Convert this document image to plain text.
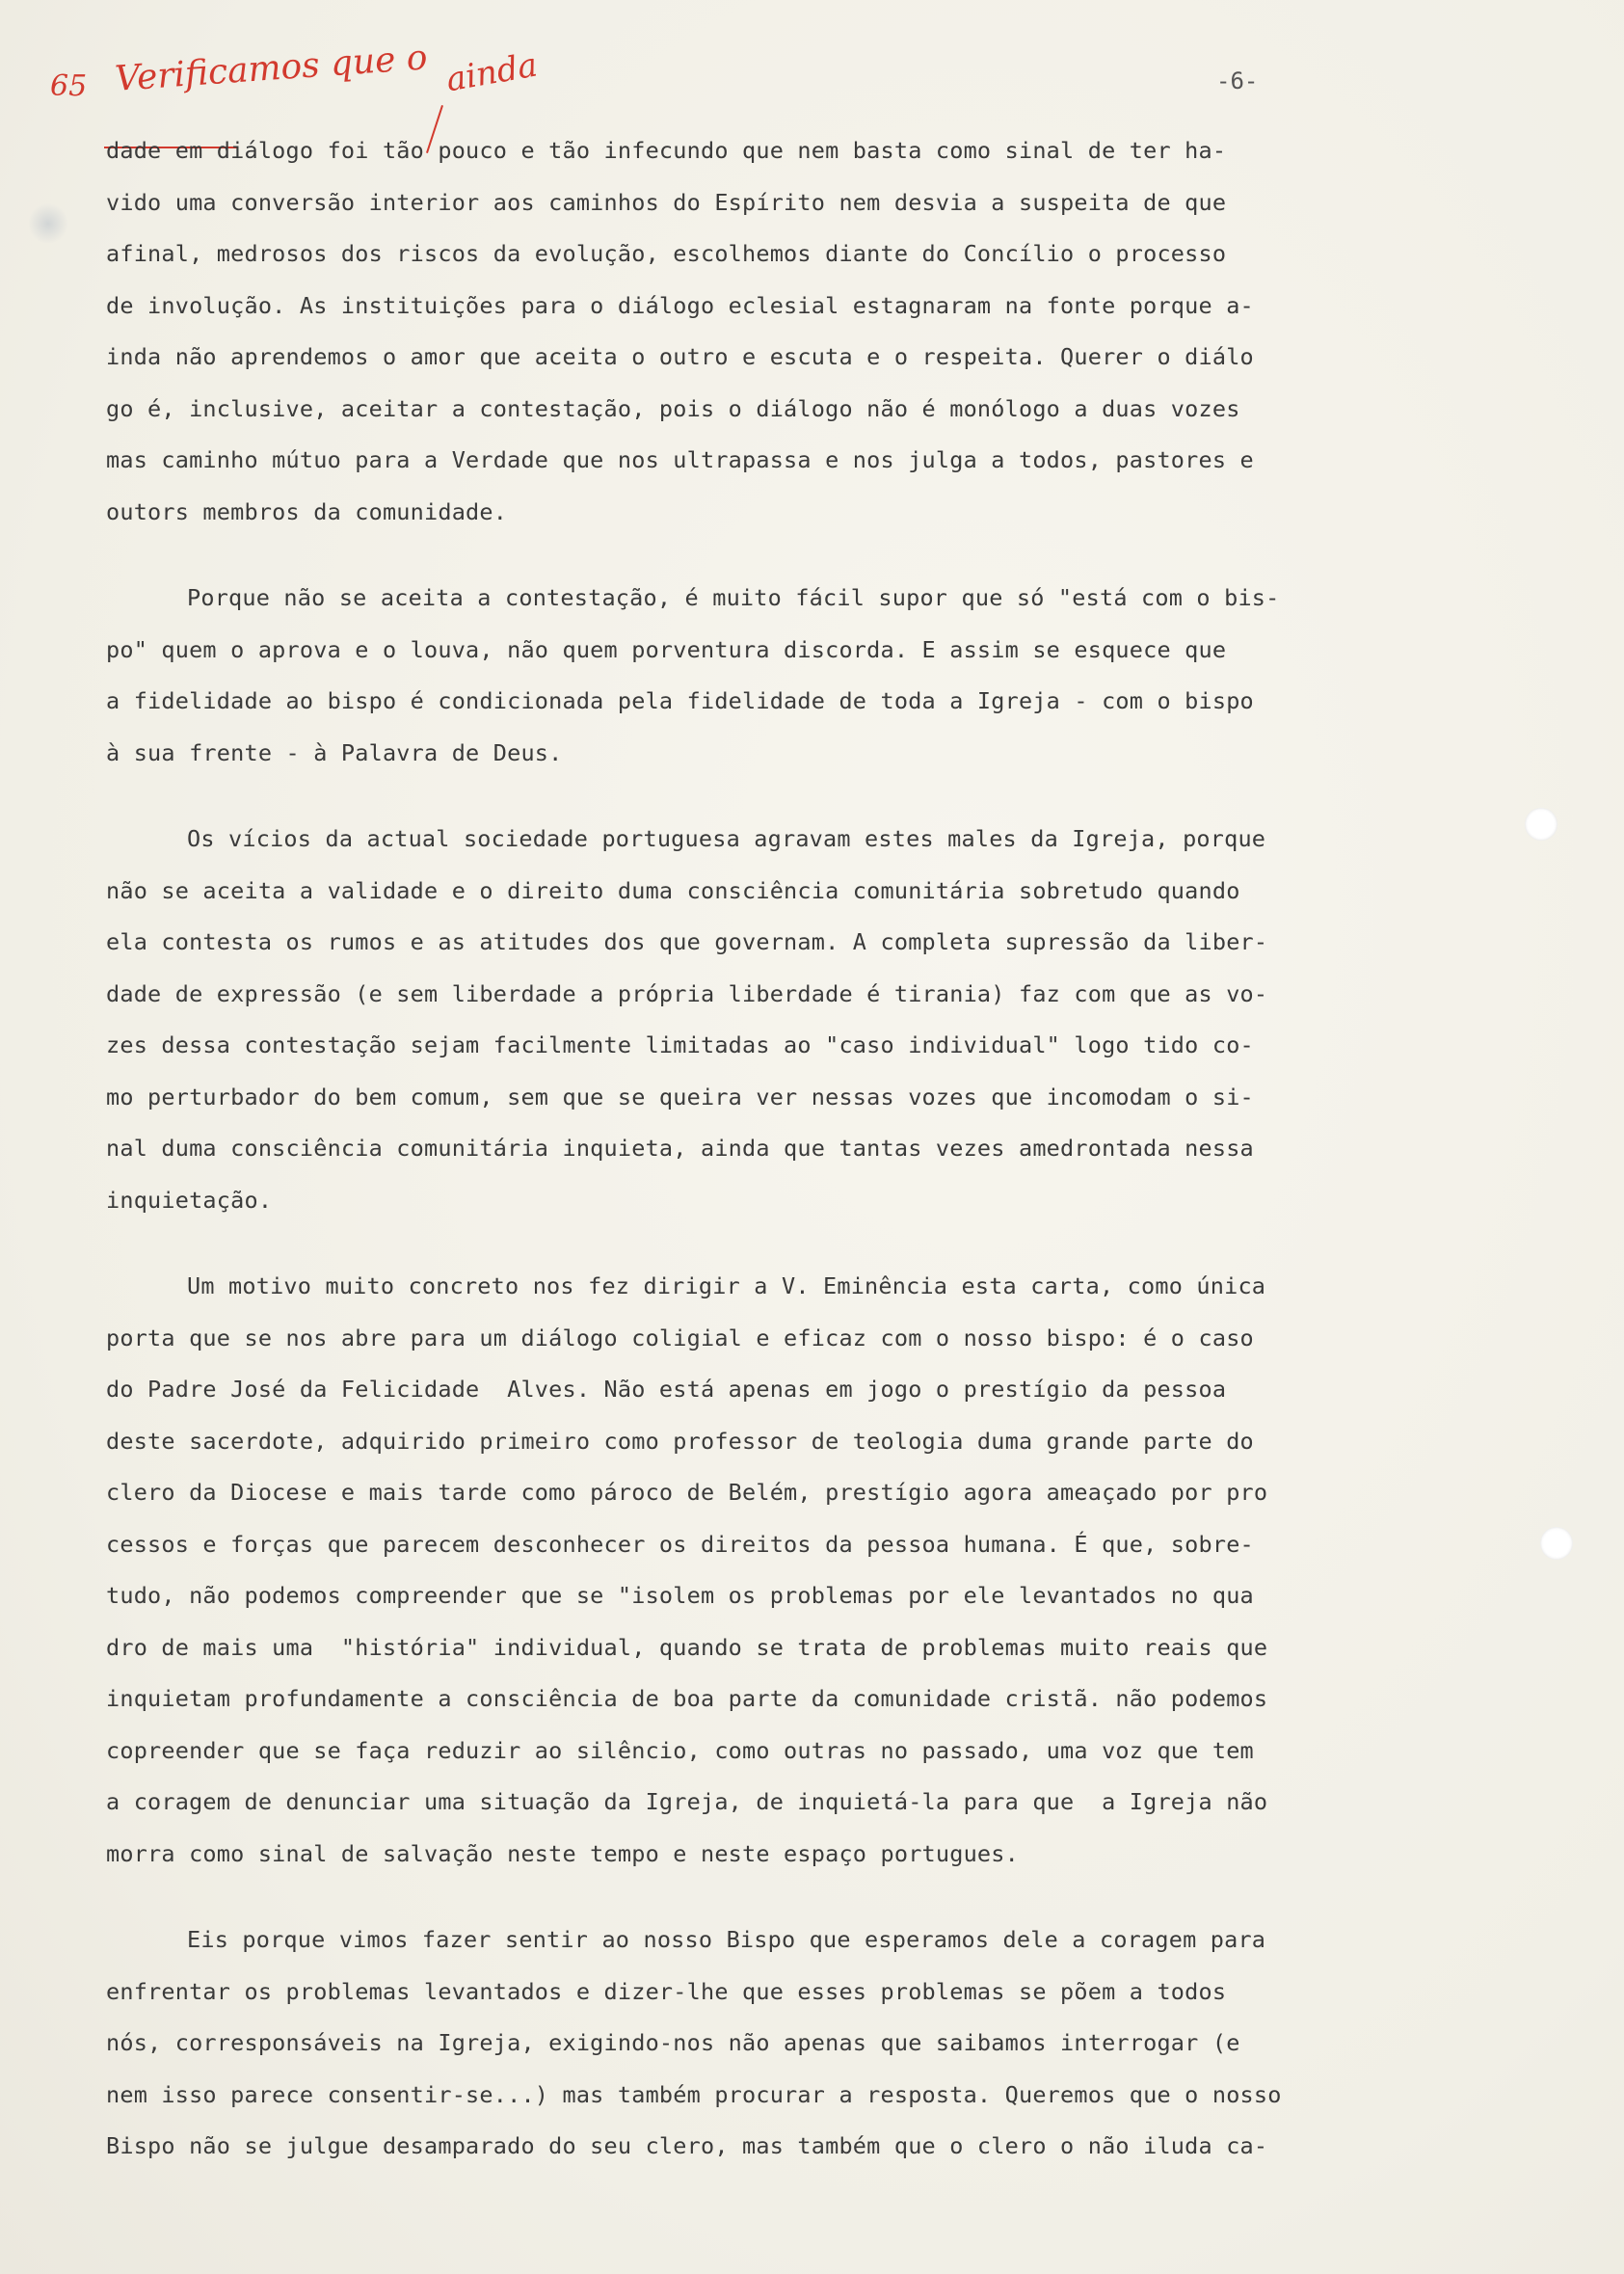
-6-
65 Verificamos que o ainda
dade em diálogo foi tão pouco e tão infecundo que nem basta como sinal de ter ha-
vido uma conversão interior aos caminhos do Espírito nem desvia a suspeita de que
afinal, medrosos dos riscos da evolução, escolhemos diante do Concílio o processo
de involução. As instituições para o diálogo eclesial estagnaram na fonte porque a-
inda não aprendemos o amor que aceita o outro e escuta e o respeita. Querer o diálo
go é, inclusive, aceitar a contestação, pois o diálogo não é monólogo a duas vozes
mas caminho mútuo para a Verdade que nos ultrapassa e nos julga a todos, pastores e
outors membros da comunidade.
Porque não se aceita a contestação, é muito fácil supor que só "está com o bis-
po" quem o aprova e o louva, não quem porventura discorda. E assim se esquece que
a fidelidade ao bispo é condicionada pela fidelidade de toda a Igreja - com o bispo
à sua frente - à Palavra de Deus.
Os vícios da actual sociedade portuguesa agravam estes males da Igreja, porque
não se aceita a validade e o direito duma consciência comunitária sobretudo quando
ela contesta os rumos e as atitudes dos que governam. A completa supressão da liber-
dade de expressão (e sem liberdade a própria liberdade é tirania) faz com que as vo-
zes dessa contestação sejam facilmente limitadas ao "caso individual" logo tido co-
mo perturbador do bem comum, sem que se queira ver nessas vozes que incomodam o si-
nal duma consciência comunitária inquieta, ainda que tantas vezes amedrontada nessa
inquietação.
Um motivo muito concreto nos fez dirigir a V. Eminência esta carta, como única
porta que se nos abre para um diálogo coligial e eficaz com o nosso bispo: é o caso
do Padre José da Felicidade  Alves. Não está apenas em jogo o prestígio da pessoa
deste sacerdote, adquirido primeiro como professor de teologia duma grande parte do
clero da Diocese e mais tarde como pároco de Belém, prestígio agora ameaçado por pro
cessos e forças que parecem desconhecer os direitos da pessoa humana. É que, sobre-
tudo, não podemos compreender que se "isolem os problemas por ele levantados no qua
dro de mais uma  "história" individual, quando se trata de problemas muito reais que
inquietam profundamente a consciência de boa parte da comunidade cristã. não podemos
copreender que se faça reduzir ao silêncio, como outras no passado, uma voz que tem
a coragem de denunciar uma situação da Igreja, de inquietá-la para que  a Igreja não
morra como sinal de salvação neste tempo e neste espaço portugues.
Eis porque vimos fazer sentir ao nosso Bispo que esperamos dele a coragem para
enfrentar os problemas levantados e dizer-lhe que esses problemas se põem a todos
nós, corresponsáveis na Igreja, exigindo-nos não apenas que saibamos interrogar (e
nem isso parece consentir-se...) mas também procurar a resposta. Queremos que o nosso
Bispo não se julgue desamparado do seu clero, mas também que o clero o não iluda ca-
